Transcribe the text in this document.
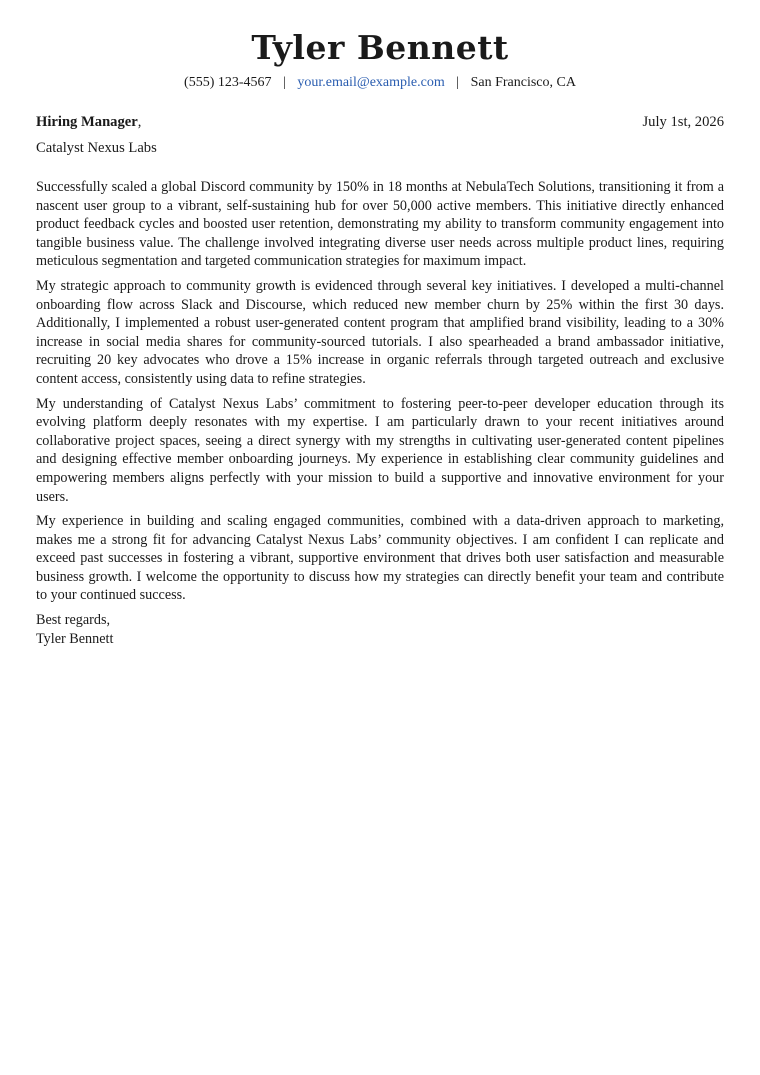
Tyler Bennett
(555) 123-4567 | your.email@example.com | San Francisco, CA
Hiring Manager,	July 1st, 2026
Catalyst Nexus Labs

Successfully scaled a global Discord community by 150% in 18 months at NebulaTech Solutions, transitioning it from a nascent user group to a vibrant, self-sustaining hub for over 50,000 active members. This initiative directly enhanced product feedback cycles and boosted user retention, demonstrating my ability to transform community engagement into tangible business value. The challenge involved integrating diverse user needs across multiple product lines, requiring meticulous segmentation and targeted communication strategies for maximum impact.

My strategic approach to community growth is evidenced through several key initiatives. I developed a multi-channel onboarding flow across Slack and Discourse, which reduced new member churn by 25% within the first 30 days. Additionally, I implemented a robust user-generated content program that amplified brand visibility, leading to a 30% increase in social media shares for community-sourced tutorials. I also spearheaded a brand ambassador initiative, recruiting 20 key advocates who drove a 15% increase in organic referrals through targeted outreach and exclusive content access, consistently using data to refine strategies.

My understanding of Catalyst Nexus Labs’ commitment to fostering peer-to-peer developer education through its evolving platform deeply resonates with my expertise. I am particularly drawn to your recent initiatives around collaborative project spaces, seeing a direct synergy with my strengths in cultivating user-generated content pipelines and designing effective member onboarding journeys. My experience in establishing clear community guidelines and empowering members aligns perfectly with your mission to build a supportive and innovative environment for your users.

My experience in building and scaling engaged communities, combined with a data-driven approach to marketing, makes me a strong fit for advancing Catalyst Nexus Labs’ community objectives. I am confident I can replicate and exceed past successes in fostering a vibrant, supportive environment that drives both user satisfaction and measurable business growth. I welcome the opportunity to discuss how my strategies can directly benefit your team and contribute to your continued success.

Best regards,
Tyler Bennett
